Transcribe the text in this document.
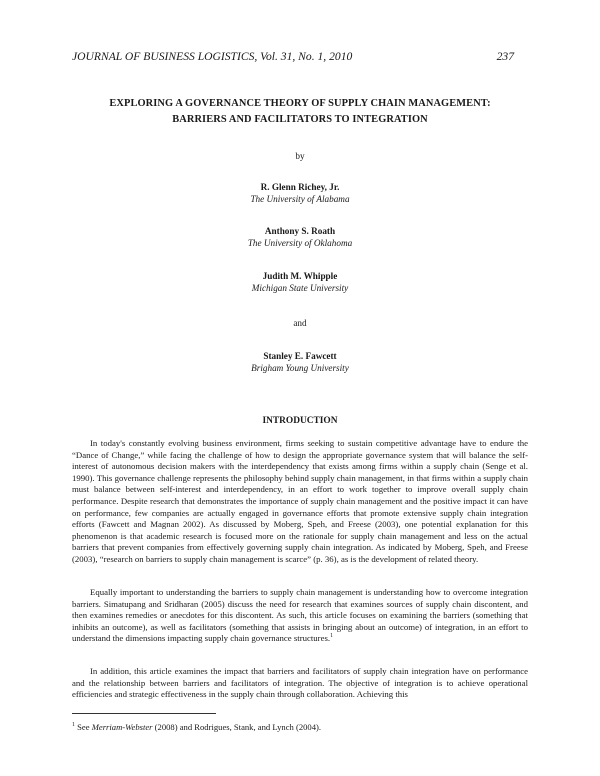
JOURNAL OF BUSINESS LOGISTICS, Vol. 31, No. 1, 2010	237
EXPLORING A GOVERNANCE THEORY OF SUPPLY CHAIN MANAGEMENT:
BARRIERS AND FACILITATORS TO INTEGRATION
by
R. Glenn Richey, Jr.
The University of Alabama
Anthony S. Roath
The University of Oklahoma
Judith M. Whipple
Michigan State University
and
Stanley E. Fawcett
Brigham Young University
INTRODUCTION

In today's constantly evolving business environment, firms seeking to sustain competitive advantage have to endure the “Dance of Change,” while facing the challenge of how to design the appropriate governance system that will balance the self-interest of autonomous decision makers with the interdependency that exists among firms within a supply chain (Senge et al. 1990). This governance challenge represents the philosophy behind supply chain management, in that firms within a supply chain must balance between self-interest and interdependency, in an effort to work together to improve overall supply chain performance. Despite research that demonstrates the importance of supply chain management and the positive impact it can have on performance, few companies are actually engaged in governance efforts that promote extensive supply chain integration efforts (Fawcett and Magnan 2002). As discussed by Moberg, Speh, and Freese (2003), one potential explanation for this phenomenon is that academic research is focused more on the rationale for supply chain management and less on the actual barriers that prevent companies from effectively governing supply chain integration. As indicated by Moberg, Speh, and Freese (2003), “research on barriers to supply chain management is scarce” (p. 36), as is the development of related theory.

Equally important to understanding the barriers to supply chain management is understanding how to overcome integration barriers. Simatupang and Sridharan (2005) discuss the need for research that examines sources of supply chain discontent, and then examines remedies or anecdotes for this discontent. As such, this article focuses on examining the barriers (something that inhibits an outcome), as well as facilitators (something that assists in bringing about an outcome) of integration, in an effort to understand the dimensions impacting supply chain governance structures.$^1$

In addition, this article examines the impact that barriers and facilitators of supply chain integration have on performance and the relationship between barriers and facilitators of integration. The objective of integration is to achieve operational efficiencies and strategic effectiveness in the supply chain through collaboration. Achieving this

$^1$ See Merriam-Webster (2008) and Rodrigues, Stank, and Lynch (2004).
